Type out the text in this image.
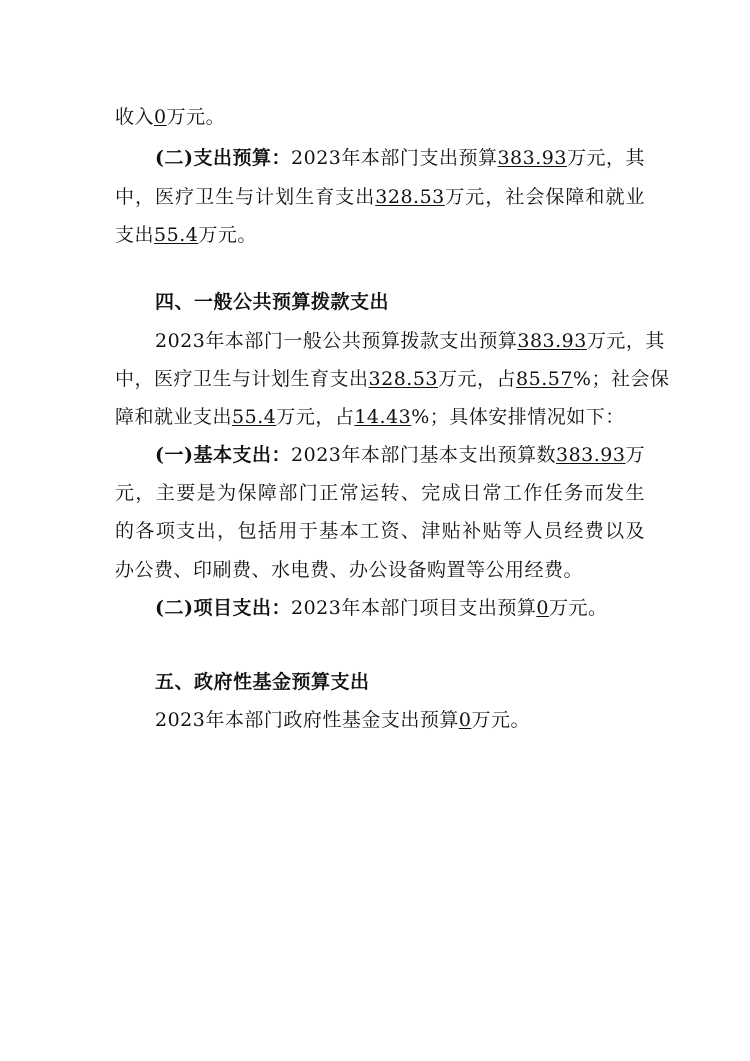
收入0万元。
(二)支出预算：2023年本部门支出预算383.93万元，其
中，医疗卫生与计划生育支出328.53万元，社会保障和就业
支出55.4万元。
四、一般公共预算拨款支出
2023年本部门一般公共预算拨款支出预算383.93万元，其
中，医疗卫生与计划生育支出328.53万元，占85.57%；社会保
障和就业支出55.4万元，占14.43%；具体安排情况如下：
(一)基本支出：2023年本部门基本支出预算数383.93万
元，主要是为保障部门正常运转、完成日常工作任务而发生
的各项支出，包括用于基本工资、津贴补贴等人员经费以及
办公费、印刷费、水电费、办公设备购置等公用经费。
(二)项目支出：2023年本部门项目支出预算0万元。
五、政府性基金预算支出
2023年本部门政府性基金支出预算0万元。
